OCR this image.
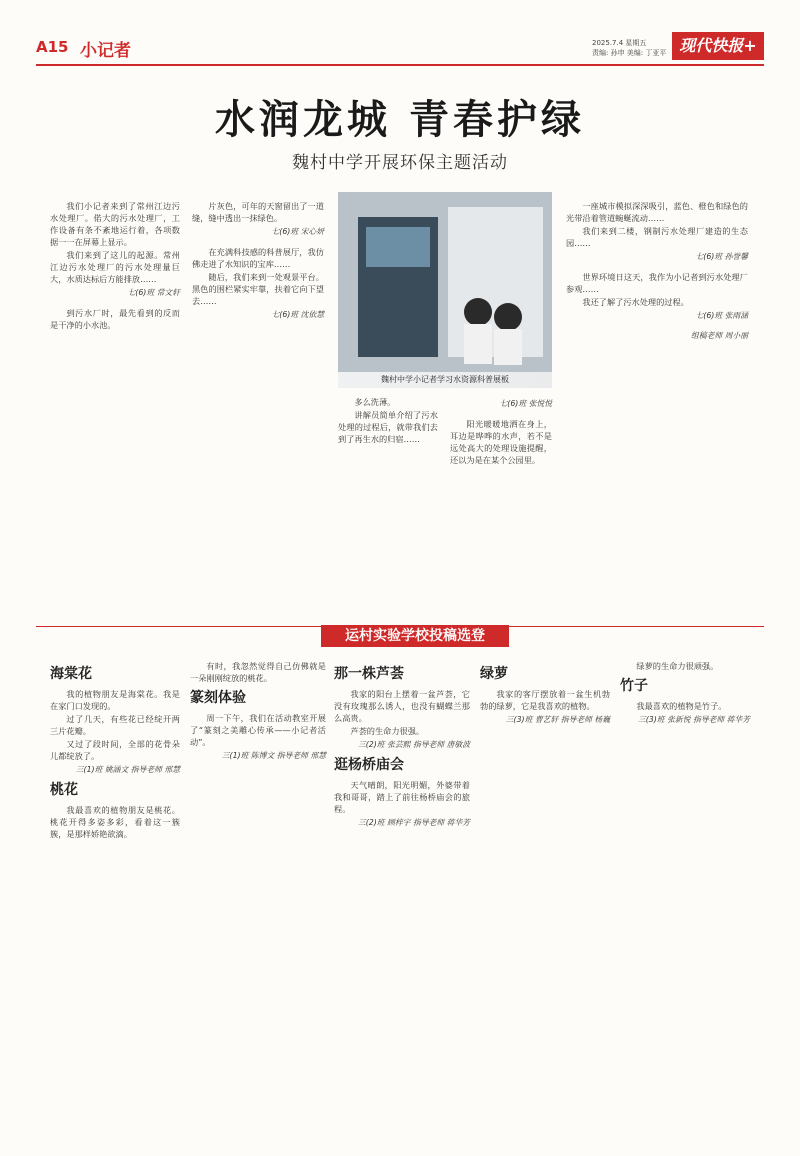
A15 小记者	2025.7.4 星期五
责编: 孙申 美编: 丁亚平 现代快报+
水润龙城 青春护绿
魏村中学开展环保主题活动

我们小记者来到了常州江边污水处理厂。偌大的污水处理厂，工作设备有条不紊地运行着，各项数据一一在屏幕上显示。

我们来到了这儿的起源。常州江边污水处理厂的污水处理量巨大，水质达标后方能排放……

七(6)班 常文轩

到污水厂时，最先看到的反而是干净的小水池。

片灰色，可年的天窗留出了一道缝，缝中透出一抹绿色。

七(6)班 宋心妍

在充满科技感的科普展厅，我仿佛走进了水知识的宝库……

随后，我们来到一处观景平台。黑色的围栏紧实牢靠，扶着它向下望去……

七(6)班 沈依慧
魏村中学小记者学习水资源科普展板

多么洗薄。

讲解员简单介绍了污水处理的过程后，就带我们去到了再生水的归宿……

七(6)班 张悦悦

阳光暖暖地洒在身上，耳边是哗哗的水声，若不是远处高大的处理设施提醒，还以为是在某个公园里。

一座城市模拟深深吸引，蓝色、橙色和绿色的光带沿着管道蜿蜒流动……

我们来到二楼，钢制污水处理厂建造的生态园……

七(6)班 孙誉馨

世界环境日这天，我作为小记者到污水处理厂参观……

我还了解了污水处理的过程。

七(6)班 张雨涵
组稿老师 周小丽
运村实验学校投稿选登
海棠花

我的植物朋友是海棠花。我是在家门口发现的。

过了几天，有些花已经绽开两三片花瓣。

又过了段时间，全部的花骨朵儿都绽放了。

三(1)班 姚涵文 指导老师 邢慧
桃花

我最喜欢的植物朋友是桃花。桃花开得多姿多彩，看着这一簇簇，是那样娇艳欲滴。

有时，我忽然觉得自己仿佛就是一朵刚刚绽放的桃花。

篆刻体验

周一下午，我们在活动教室开展了“篆刻之美雕心传承——小记者活动”。

三(1)班 陈博文 指导老师 邢慧
那一株芦荟

我家的阳台上摆着一盆芦荟，它没有玫瑰那么诱人，也没有蝴蝶兰那么高贵。

芦荟的生命力很强。

三(2)班 张芸熙 指导老师 唐敏波
逛杨桥庙会

天气晴朗，阳光明媚，外婆带着我和哥哥，踏上了前往杨桥庙会的旅程。

三(2)班 顾梓宇 指导老师 蒋华芳
绿萝

我家的客厅摆放着一盆生机勃勃的绿萝，它是我喜欢的植物。

三(3)班 曹艺轩 指导老师 杨巍

绿萝的生命力很顽强。

竹子

我最喜欢的植物是竹子。

三(3)班 张新悦 指导老师 蒋华芳
